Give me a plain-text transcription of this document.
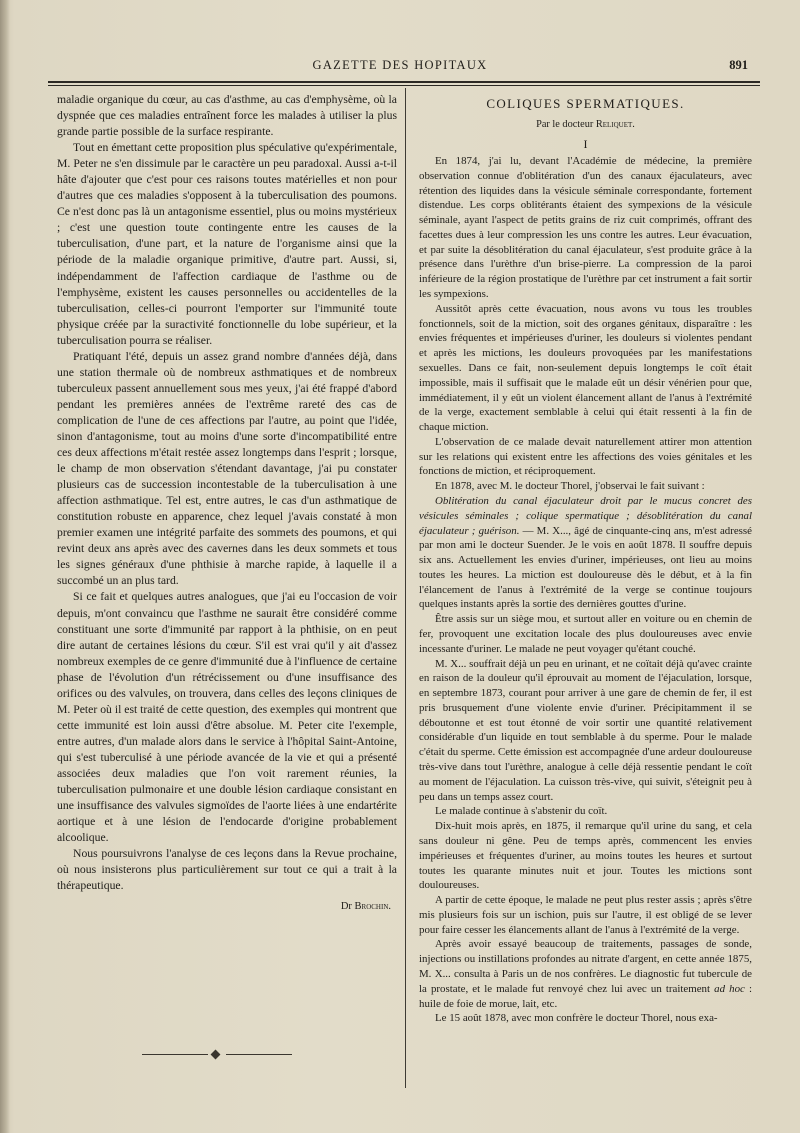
GAZETTE DES HOPITAUX	891

maladie organique du cœur, au cas d'asthme, au cas d'emphysème, où la dyspnée que ces maladies entraînent force les malades à utiliser la plus grande partie possible de la surface respirante.

Tout en émettant cette proposition plus spéculative qu'expérimentale, M. Peter ne s'en dissimule par le caractère un peu paradoxal. Aussi a-t-il hâte d'ajouter que c'est pour ces raisons toutes matérielles et non pour d'autres que ces maladies s'opposent à la tuberculisation des poumons. Ce n'est donc pas là un antagonisme essentiel, plus ou moins mystérieux ; c'est une question toute contingente entre les causes de la tuberculisation, d'une part, et la nature de l'organisme ainsi que la période de la maladie organique primitive, d'autre part. Aussi, si, indépendamment de l'affection cardiaque de l'asthme ou de l'emphysème, existent les causes personnelles ou accidentelles de la tuberculisation, celles-ci pourront l'emporter sur l'immunité toute physique créée par la suractivité fonctionnelle du lobe supérieur, et la tuberculisation pourra se réaliser.

Pratiquant l'été, depuis un assez grand nombre d'années déjà, dans une station thermale où de nombreux asthmatiques et de nombreux tuberculeux passent annuellement sous mes yeux, j'ai été frappé d'abord pendant les premières années de l'extrême rareté des cas de complication de l'une de ces affections par l'autre, au point que l'idée, sinon d'antagonisme, tout au moins d'une sorte d'incompatibilité entre ces deux affections m'était restée assez longtemps dans l'esprit ; lorsque, le champ de mon observation s'étendant davantage, j'ai pu constater plusieurs cas de succession incontestable de la tuberculisation à une affection asthmatique. Tel est, entre autres, le cas d'un asthmatique de constitution robuste en apparence, chez lequel j'avais constaté à mon premier examen une intégrité parfaite des sommets des poumons, et qui revint deux ans après avec des cavernes dans les deux sommets et tous les signes généraux d'une phthisie à marche rapide, à laquelle il a succombé un an plus tard.

Si ce fait et quelques autres analogues, que j'ai eu l'occasion de voir depuis, m'ont convaincu que l'asthme ne saurait être considéré comme constituant une sorte d'immunité par rapport à la phthisie, on en peut dire autant de certaines lésions du cœur. S'il est vrai qu'il y ait d'assez nombreux exemples de ce genre d'immunité due à l'influence de certaine phase de l'évolution d'un rétrécissement ou d'une insuffisance des orifices ou des valvules, on trouvera, dans celles des leçons cliniques de M. Peter où il est traité de cette question, des exemples qui montrent que cette immunité est loin aussi d'être absolue. M. Peter cite l'exemple, entre autres, d'un malade alors dans le service à l'hôpital Saint-Antoine, qui s'est tuberculisé à une période avancée de la vie et qui a présenté associées deux maladies que l'on voit rarement réunies, la tuberculisation pulmonaire et une double lésion cardiaque consistant en une insuffisance des valvules sigmoïdes de l'aorte liées à une endartérite aortique et à une lésion de l'endocarde d'origine probablement alcoolique.

Nous poursuivrons l'analyse de ces leçons dans la Revue prochaine, où nous insisterons plus particulièrement sur tout ce qui a trait à la thérapeutique.

Dr Brochin.
COLIQUES SPERMATIQUES.
Par le docteur Reliquet.
I

En 1874, j'ai lu, devant l'Académie de médecine, la première observation connue d'oblitération d'un des canaux éjaculateurs, avec rétention des liquides dans la vésicule séminale correspondante, fortement distendue. Les corps oblitérants étaient des sympexions de la vésicule séminale, ayant l'aspect de petits grains de riz cuit comprimés, offrant des facettes dues à leur compression les uns contre les autres. Leur évacuation, et par suite la désoblitération du canal éjaculateur, s'est produite grâce à la présence dans l'urèthre d'un brise-pierre. La compression de la paroi inférieure de la région prostatique de l'urèthre par cet instrument a fait sortir les sympexions.

Aussitôt après cette évacuation, nous avons vu tous les troubles fonctionnels, soit de la miction, soit des organes génitaux, disparaître : les envies fréquentes et impérieuses d'uriner, les douleurs si violentes pendant et après les mictions, les douleurs provoquées par les manifestations sexuelles. Dans ce fait, non-seulement depuis longtemps le coït était impossible, mais il suffisait que le malade eût un désir vénérien pour que, immédiatement, il y eût un violent élancement allant de l'anus à l'extrémité de la verge, exactement semblable à celui qui était ressenti à la fin de chaque miction.

L'observation de ce malade devait naturellement attirer mon attention sur les relations qui existent entre les affections des voies génitales et les fonctions de miction, et réciproquement.

En 1878, avec M. le docteur Thorel, j'observai le fait suivant :

Oblitération du canal éjaculateur droit par le mucus concret des vésicules séminales ; colique spermatique ; désoblitération du canal éjaculateur ; guérison. — M. X..., âgé de cinquante-cinq ans, m'est adressé par mon ami le docteur Suender. Je le vois en août 1878. Il souffre depuis six ans. Actuellement les envies d'uriner, impérieuses, ont lieu au moins toutes les heures. La miction est douloureuse dès le début, et à la fin l'élancement de l'anus à l'extrémité de la verge se continue toujours quelques instants après la sortie des dernières gouttes d'urine.

Être assis sur un siège mou, et surtout aller en voiture ou en chemin de fer, provoquent une excitation locale des plus douloureuses avec envie incessante d'uriner. Le malade ne peut voyager qu'étant couché.

M. X... souffrait déjà un peu en urinant, et ne coïtait déjà qu'avec crainte en raison de la douleur qu'il éprouvait au moment de l'éjaculation, lorsque, en septembre 1873, courant pour arriver à une gare de chemin de fer, il est pris brusquement d'une violente envie d'uriner. Précipitamment il se déboutonne et est tout étonné de voir sortir une quantité relativement considérable d'un liquide en tout semblable à du sperme. Pour le malade c'était du sperme. Cette émission est accompagnée d'une ardeur douloureuse très-vive dans tout l'urèthre, analogue à celle déjà ressentie pendant le coït au moment de l'éjaculation. La cuisson très-vive, qui suivit, s'éteignit peu à peu dans un temps assez court.

Le malade continue à s'abstenir du coït.

Dix-huit mois après, en 1875, il remarque qu'il urine du sang, et cela sans douleur ni gêne. Peu de temps après, commencent les envies impérieuses et fréquentes d'uriner, au moins toutes les heures et surtout toutes les quarante minutes nuit et jour. Toutes les mictions sont douloureuses.

A partir de cette époque, le malade ne peut plus rester assis ; après s'être mis plusieurs fois sur un ischion, puis sur l'autre, il est obligé de se lever pour faire cesser les élancements allant de l'anus à l'extrémité de la verge.

Après avoir essayé beaucoup de traitements, passages de sonde, injections ou instillations profondes au nitrate d'argent, en cette année 1875, M. X... consulta à Paris un de nos confrères. Le diagnostic fut tubercule de la prostate, et le malade fut renvoyé chez lui avec un traitement ad hoc : huile de foie de morue, lait, etc.

Le 15 août 1878, avec mon confrère le docteur Thorel, nous exa-
